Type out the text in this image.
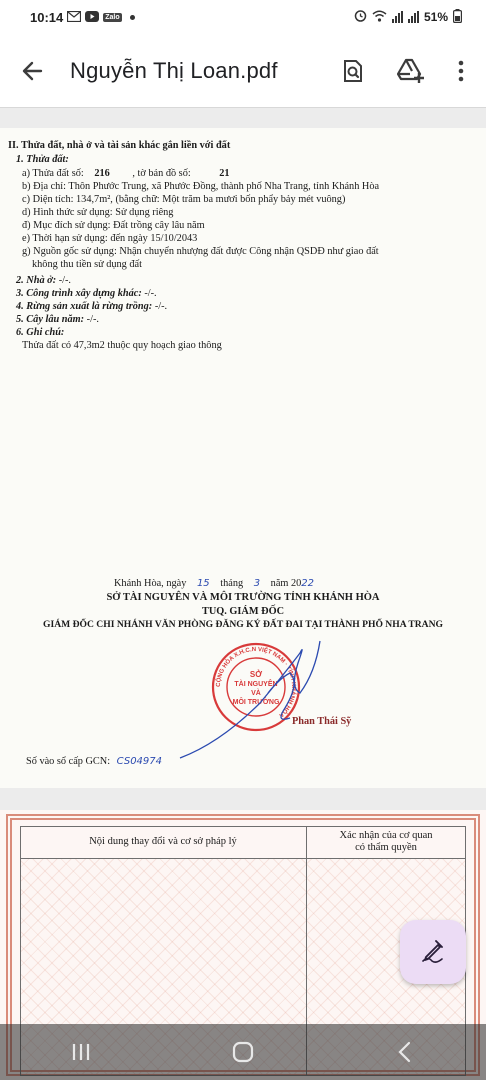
10:14	Zalo	51%
Nguyễn Thị Loan.pdf
II. Thửa đất, nhà ở và tài sản khác gắn liền với đất
1. Thửa đất:
a) Thửa đất số: 216 , tờ bản đồ số:	21
b) Địa chỉ: Thôn Phước Trung, xã Phước Đồng, thành phố Nha Trang, tỉnh Khánh Hòa
c) Diện tích: 134,7m², (bằng chữ: Một trăm ba mươi bốn phẩy bảy mét vuông)
d) Hình thức sử dụng: Sử dụng riêng
đ) Mục đích sử dụng: Đất trồng cây lâu năm
e) Thời hạn sử dụng: đến ngày 15/10/2043
g) Nguồn gốc sử dụng: Nhận chuyển nhượng đất được Công nhận QSDĐ như giao đất
không thu tiền sử dụng đất
2. Nhà ở: -/-.
3. Công trình xây dựng khác: -/-.
4. Rừng sản xuất là rừng trồng: -/-.
5. Cây lâu năm: -/-.
6. Ghi chú:
Thửa đất có 47,3m2 thuộc quy hoạch giao thông
Khánh Hòa, ngày 15 tháng 3 năm 2022
SỞ TÀI NGUYÊN VÀ MÔI TRƯỜNG TỈNH KHÁNH HÒA
TUQ. GIÁM ĐỐC
GIÁM ĐỐC CHI NHÁNH VĂN PHÒNG ĐĂNG KÝ ĐẤT ĐAI TẠI THÀNH PHỐ NHA TRANG
CỘNG HÒA X.H.C.N VIỆT NAM · TỈNH KHÁNH HÒA
SỞ
TÀI NGUYÊN
VÀ
MÔI TRƯỜNG
Phan Thái Sỹ
Số vào sổ cấp GCN: CS04974
Nội dung thay đổi và cơ sở pháp lý
Xác nhận của cơ quan
có thẩm quyền
